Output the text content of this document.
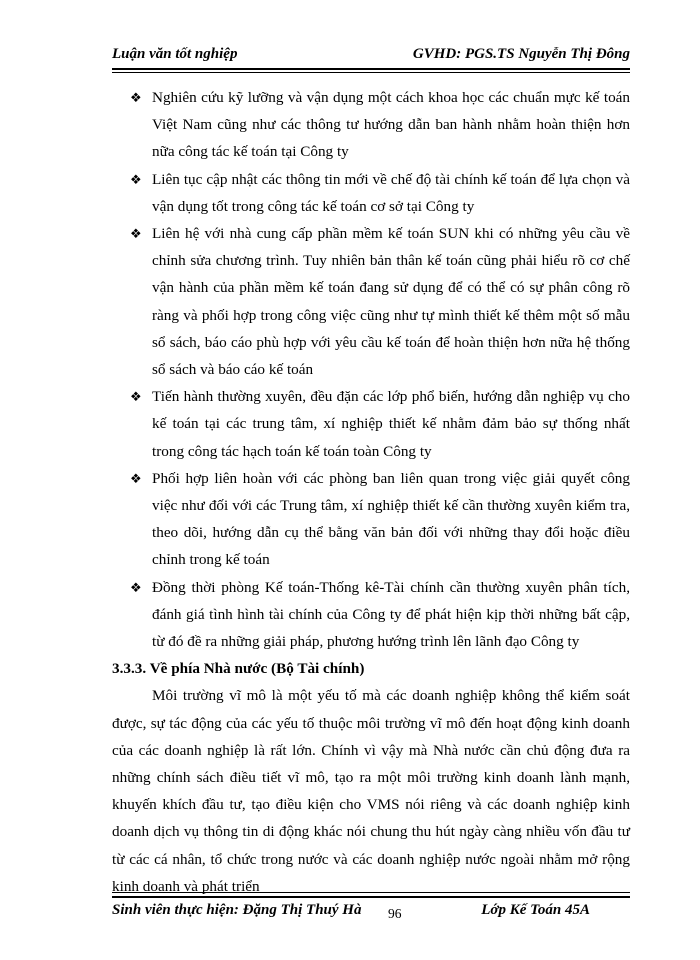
Luận văn tốt nghiệp	GVHD: PGS.TS Nguyễn Thị Đông

❖ Nghiên cứu kỹ lưỡng và vận dụng một cách khoa học các chuẩn mực kế toán Việt Nam cũng như các thông tư hướng dẫn ban hành nhằm hoàn thiện hơn nữa công tác kế toán tại Công ty

❖ Liên tục cập nhật các thông tin mới về chế độ tài chính kế toán để lựa chọn và vận dụng tốt trong công tác kế toán cơ sở tại Công ty

❖ Liên hệ với nhà cung cấp phần mềm kế toán SUN khi có những yêu cầu về chỉnh sửa chương trình. Tuy nhiên bản thân kế toán cũng phải hiểu rõ cơ chế vận hành của phần mềm kế toán đang sử dụng để có thể có sự phân công rõ ràng và phối hợp trong công việc cũng như tự mình thiết kế thêm một số mẫu sổ sách, báo cáo phù hợp với yêu cầu kế toán để hoàn thiện hơn nữa hệ thống sổ sách và báo cáo kế toán

❖ Tiến hành thường xuyên, đều đặn các lớp phổ biến, hướng dẫn nghiệp vụ cho kế toán tại các trung tâm, xí nghiệp thiết kế nhằm đảm bảo sự thống nhất trong công tác hạch toán kế toán toàn Công ty

❖ Phối hợp liên hoàn với các phòng ban liên quan trong việc giải quyết công việc như đối với các Trung tâm, xí nghiệp thiết kế cần thường xuyên kiểm tra, theo dõi, hướng dẫn cụ thể bằng văn bản đối với những thay đổi hoặc điều chỉnh trong kế toán

❖ Đồng thời phòng Kế toán-Thống kê-Tài chính cần thường xuyên phân tích, đánh giá tình hình tài chính của Công ty để phát hiện kịp thời những bất cập, từ đó đề ra những giải pháp, phương hướng trình lên lãnh đạo Công ty

3.3.3. Về phía Nhà nước (Bộ Tài chính)

Môi trường vĩ mô là một yếu tố mà các doanh nghiệp không thể kiểm soát được, sự tác động của các yếu tố thuộc môi trường vĩ mô đến hoạt động kinh doanh của các doanh nghiệp là rất lớn. Chính vì vậy mà Nhà nước cần chủ động đưa ra những chính sách điều tiết vĩ mô, tạo ra một môi trường kinh doanh lành mạnh, khuyến khích đầu tư, tạo điều kiện cho VMS nói riêng và các doanh nghiệp kinh doanh dịch vụ thông tin di động khác nói chung thu hút ngày càng nhiều vốn đầu tư từ các cá nhân, tổ chức trong nước và các doanh nghiệp nước ngoài nhằm mở rộng kinh doanh và phát triển

Sinh viên thực hiện: Đặng Thị Thuý Hà 96	Lớp Kế Toán 45A
